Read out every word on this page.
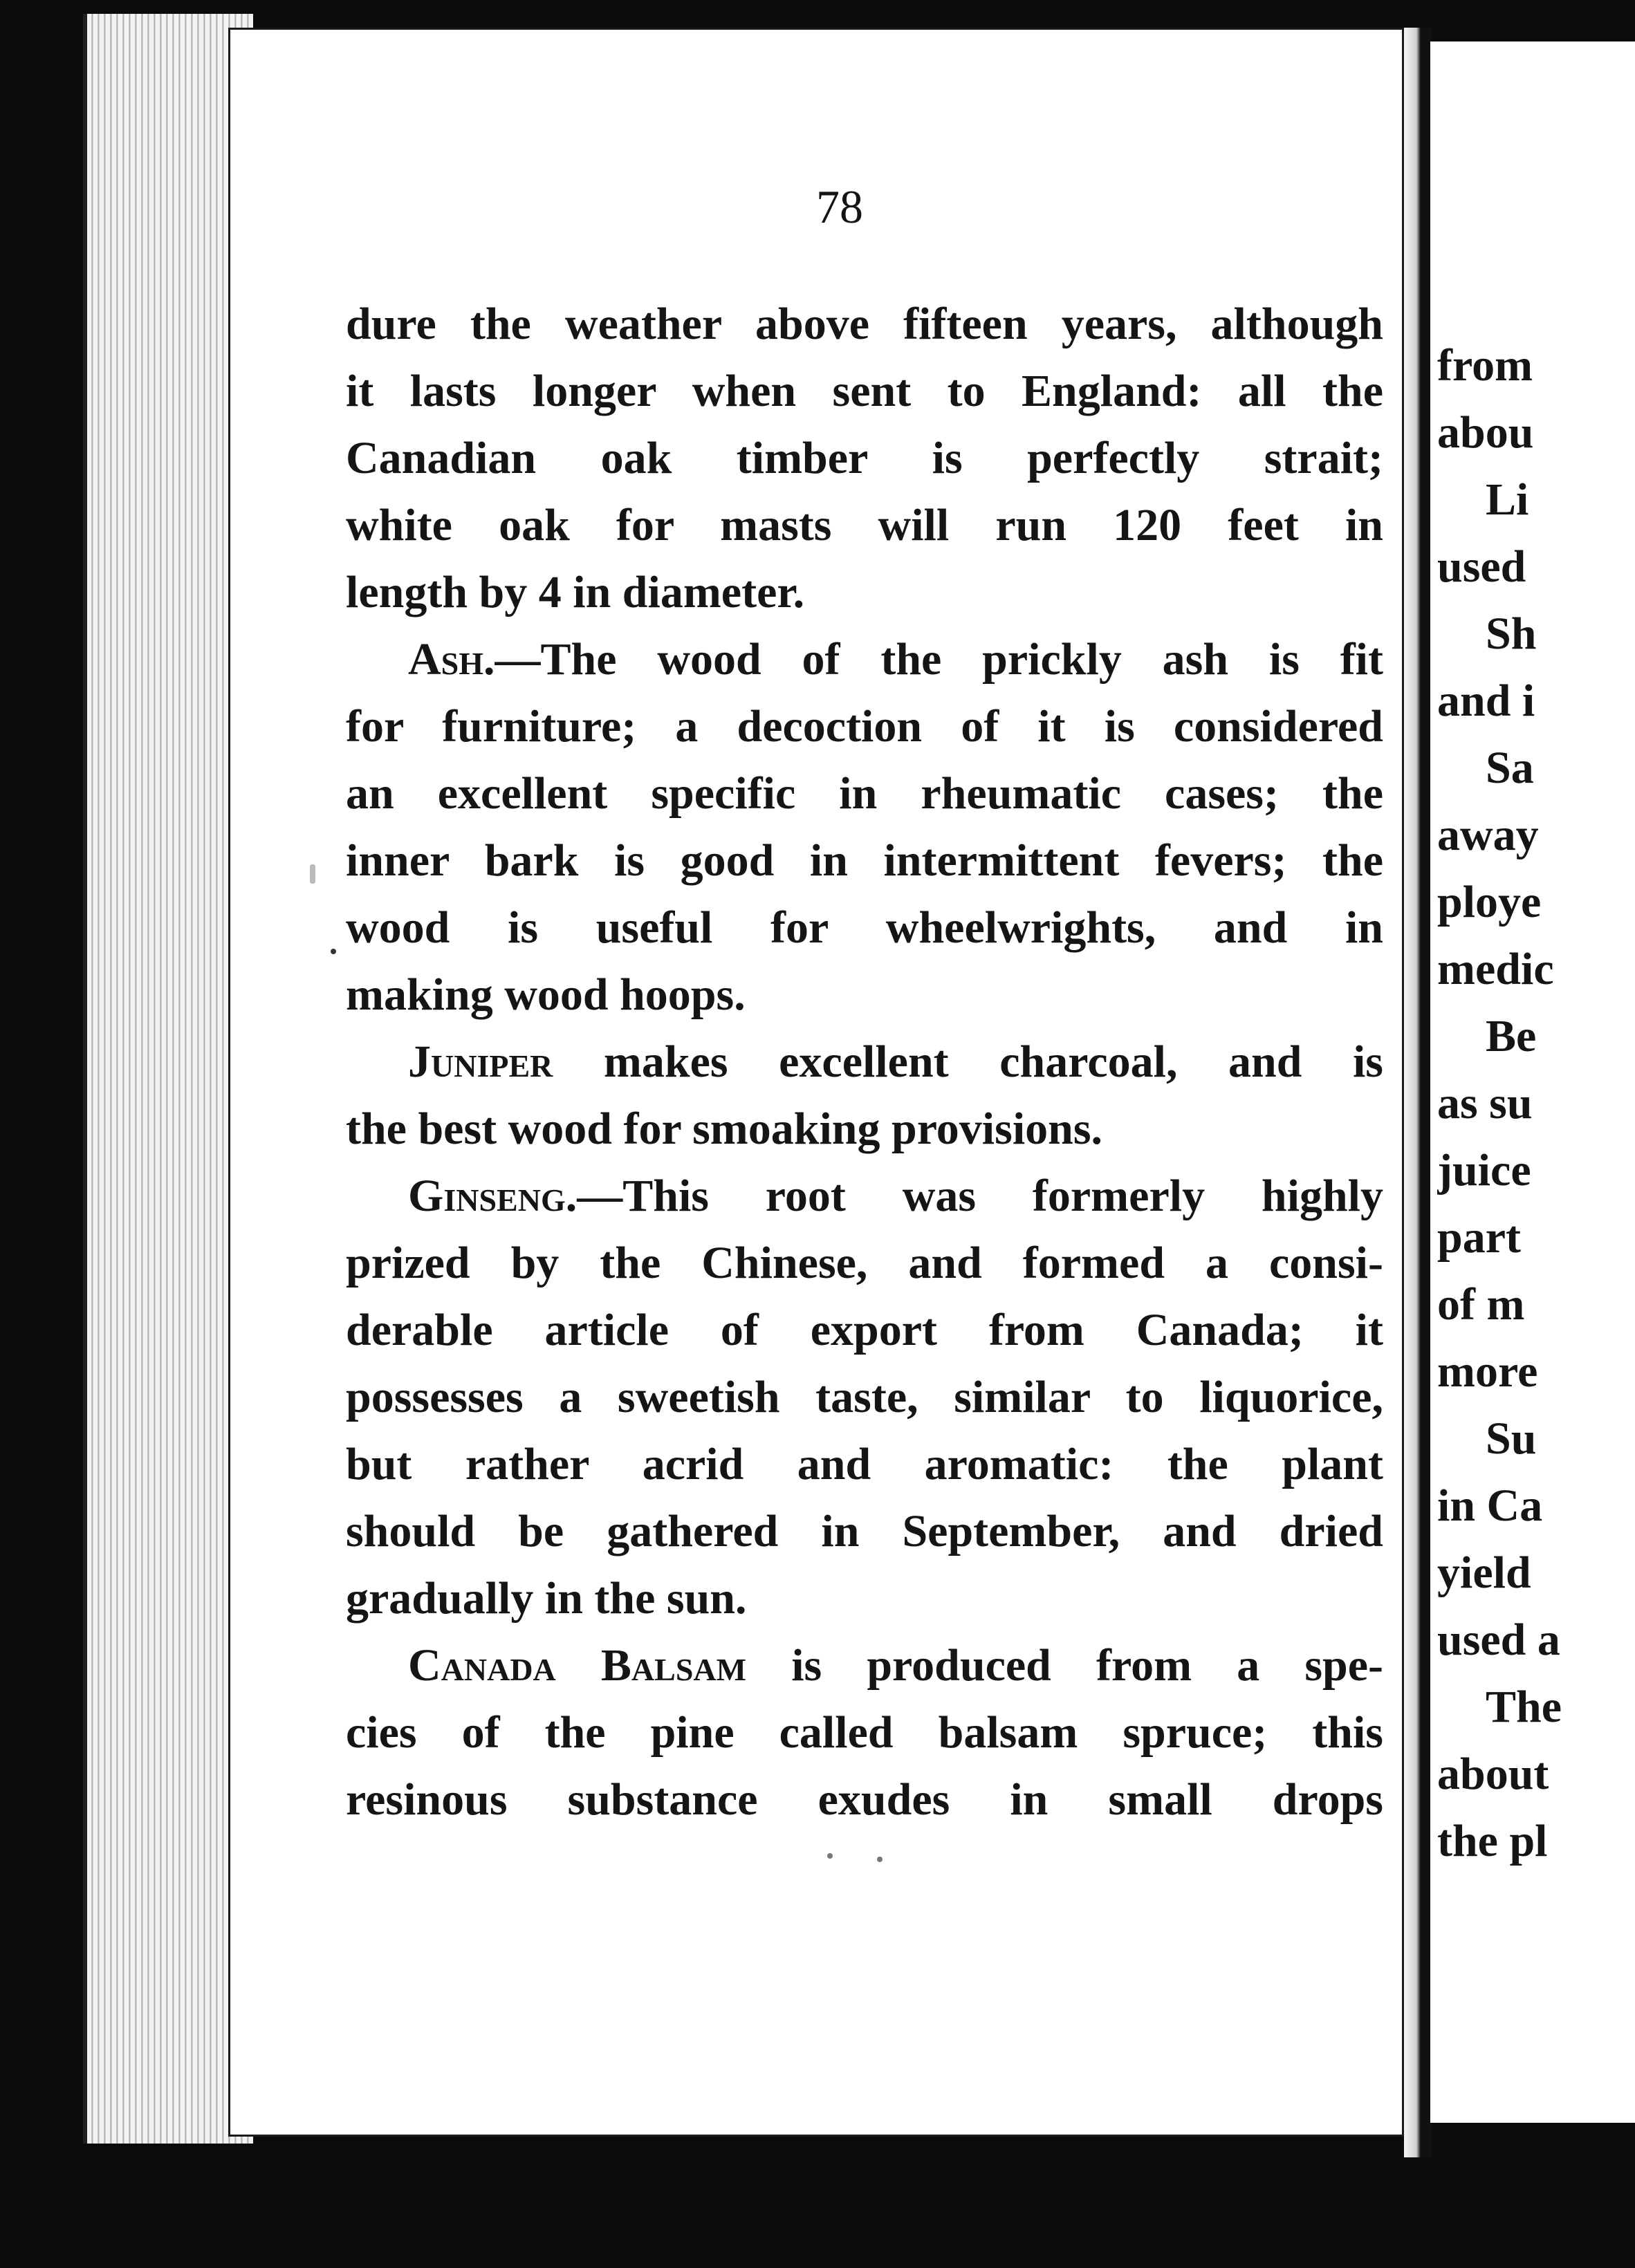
78
dure the weather above fifteen years, although
it lasts longer when sent to England: all the
Canadian oak timber is perfectly strait;
white oak for masts will run 120 feet in
length by 4 in diameter.
Ash.—The wood of the prickly ash is fit
for furniture; a decoction of it is considered
an excellent specific in rheumatic cases; the
inner bark is good in intermittent fevers; the
wood is useful for wheelwrights, and in
making wood hoops.
Juniper makes excellent charcoal, and is
the best wood for smoaking provisions.
Ginseng.—This root was formerly highly
prized by the Chinese, and formed a consi-
derable article of export from Canada; it
possesses a sweetish taste, similar to liquorice,
but rather acrid and aromatic: the plant
should be gathered in September, and dried
gradually in the sun.
Canada Balsam is produced from a spe-
cies of the pine called balsam spruce; this
resinous substance exudes in small drops
from
abou
Li
used
Sh
and i
Sa
away
ploye
medic
Be
as su
juice
part
of m
more
Su
in Ca
yield
used a
The
about
the pl
